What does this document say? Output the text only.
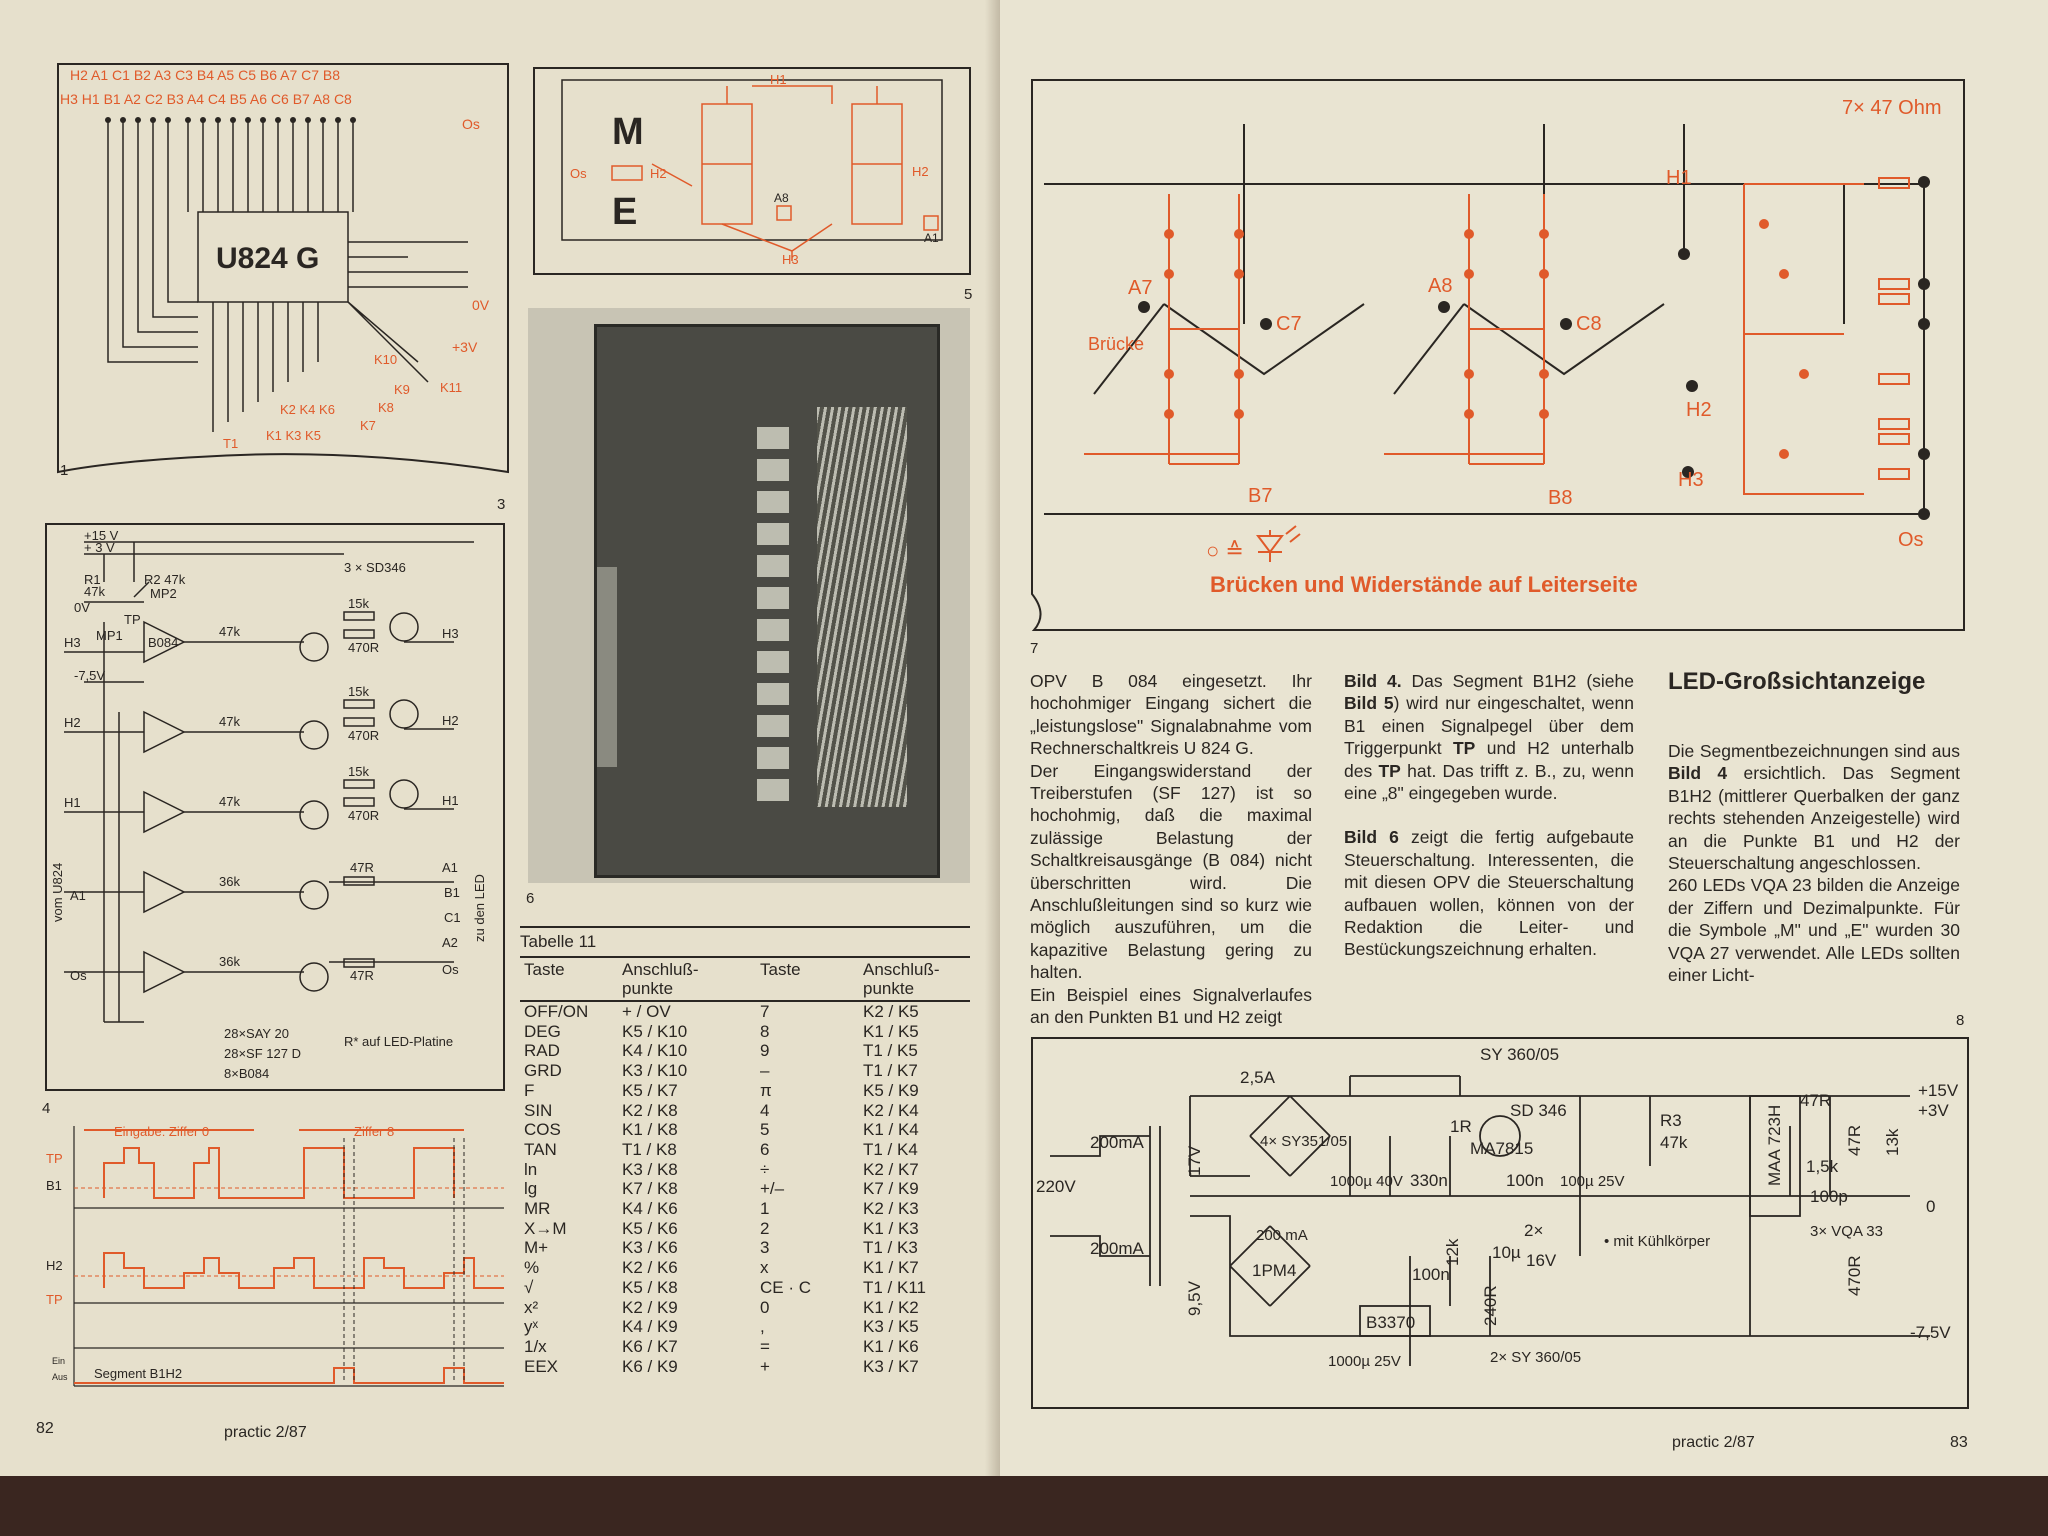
H2 A1 C1 B2 A3 C3 B4 A5 C5 B6 A7 C7 B8
H3 H1 B1 A2 C2 B3 A4 C4 B5 A6 C6 B7 A8 C8
U824 G
Os
0V
+3V
K10
K11
K9
K8
K7
K2 K4 K6
T1
K1 K3 K5
1
3
M
E
H1
H2	H2
H3
Os
A8
A1
5
6
+15 V
+ 3 V
R1
47k
0V
-7,5V
R2 47k
MP2
MP1
TP
B084
3 × SD346
47k
47k
47k
36k
36k
15k
15k
15k
470R
470R
470R
47R
47R
H3
H2
H1
A1
Os
H3
H2
H1
A1
B1
C1
A2
Os
vom U824	zu den LED
28×SAY 20
28×SF 127 D
8×B084
R* auf LED-Platine
4
Eingabe: Ziffer 0	Ziffer 8
TP
B1
H2
TP
Ein
Aus Segment B1H2
Tabelle 11
Taste	Anschluß-
punkte	Taste	Anschluß-
punkte
OFF/ON	+ / OV	7	K2 / K5
DEG	K5 / K10	8	K1 / K5
RAD	K4 / K10	9	T1 / K5
GRD	K3 / K10	–	T1 / K7
F	K5 / K7	π	K5 / K9
SIN	K2 / K8	4	K2 / K4
COS	K1 / K8	5	K1 / K4
TAN	T1 / K8	6	T1 / K4
ln	K3 / K8	÷	K2 / K7
lg	K7 / K8	+/–	K7 / K9
MR	K4 / K6	1	K2 / K3
X→M	K5 / K6	2	K1 / K3
M+	K3 / K6	3	T1 / K3
%	K2 / K6	x	K1 / K7
√	K5 / K8	CE · C	T1 / K11
x²	K2 / K9	0	K1 / K2
yˣ	K4 / K9	,	K3 / K5
1/x	K6 / K7	=	K1 / K6
EEX	K6 / K9	+	K3 / K7
82	practic 2/87
7× 47 Ohm
A7	A8
C7	C8
B7	B8
H1
H2
H3
Os
Brücke
○ ≙
Brücken und Widerstände auf Leiterseite
7

OPV B 084 eingesetzt. Ihr hochohmiger Eingang sichert die „leistungslose" Signalabnahme vom Rechnerschaltkreis U 824 G.

Der Eingangswiderstand der Treiberstufen (SF 127) ist so hochohmig, daß die maximal zulässige Belastung der Schaltkreisausgänge (B 084) nicht überschritten wird. Die Anschlußleitungen sind so kurz wie möglich auszuführen, um die kapazitive Belastung gering zu halten.

Ein Beispiel eines Signalverlaufes an den Punkten B1 und H2 zeigt

Bild 4. Das Segment B1H2 (siehe Bild 5) wird nur eingeschaltet, wenn B1 einen Signalpegel über dem Triggerpunkt TP und H2 unterhalb des TP hat. Das trifft z. B., zu, wenn eine „8" eingegeben wurde.

Bild 6 zeigt die fertig aufgebaute Steuerschaltung. Interessenten, die mit diesen OPV die Steuerschaltung aufbauen wollen, können von der Redaktion die Leiter- und Bestückungszeichnung erhalten.

LED-Großsichtanzeige

Die Segmentbezeichnungen sind aus Bild 4 ersichtlich. Das Segment B1H2 (mittlerer Querbalken der ganz rechts stehenden Anzeigestelle) wird an die Punkte B1 und H2 der Steuerschaltung angeschlossen.

260 LEDs VQA 23 bilden die Anzeige der Ziffern und Dezimalpunkte. Für die Symbole „M" und „E" wurden 30 VQA 27 verwendet. Alle LEDs sollten einer Licht-

8
2,5A
SY 360/05
SD 346
1R
MA7815
200mA
200mA
220V
17V
9,5V
4× SY351/05
1PM4
1000µ 40V 330n	100n 100µ 25V
R3
47k	MAA 723H
47R
1,5k
100p
47R 13k
+15V
+3V
0
-7,5V
3× VQA 33
470R
200 mA
100n
12k 10µ 16V
2×
B3370	240R
1000µ 25V	2× SY 360/05
• mit Kühlkörper
practic 2/87	83
